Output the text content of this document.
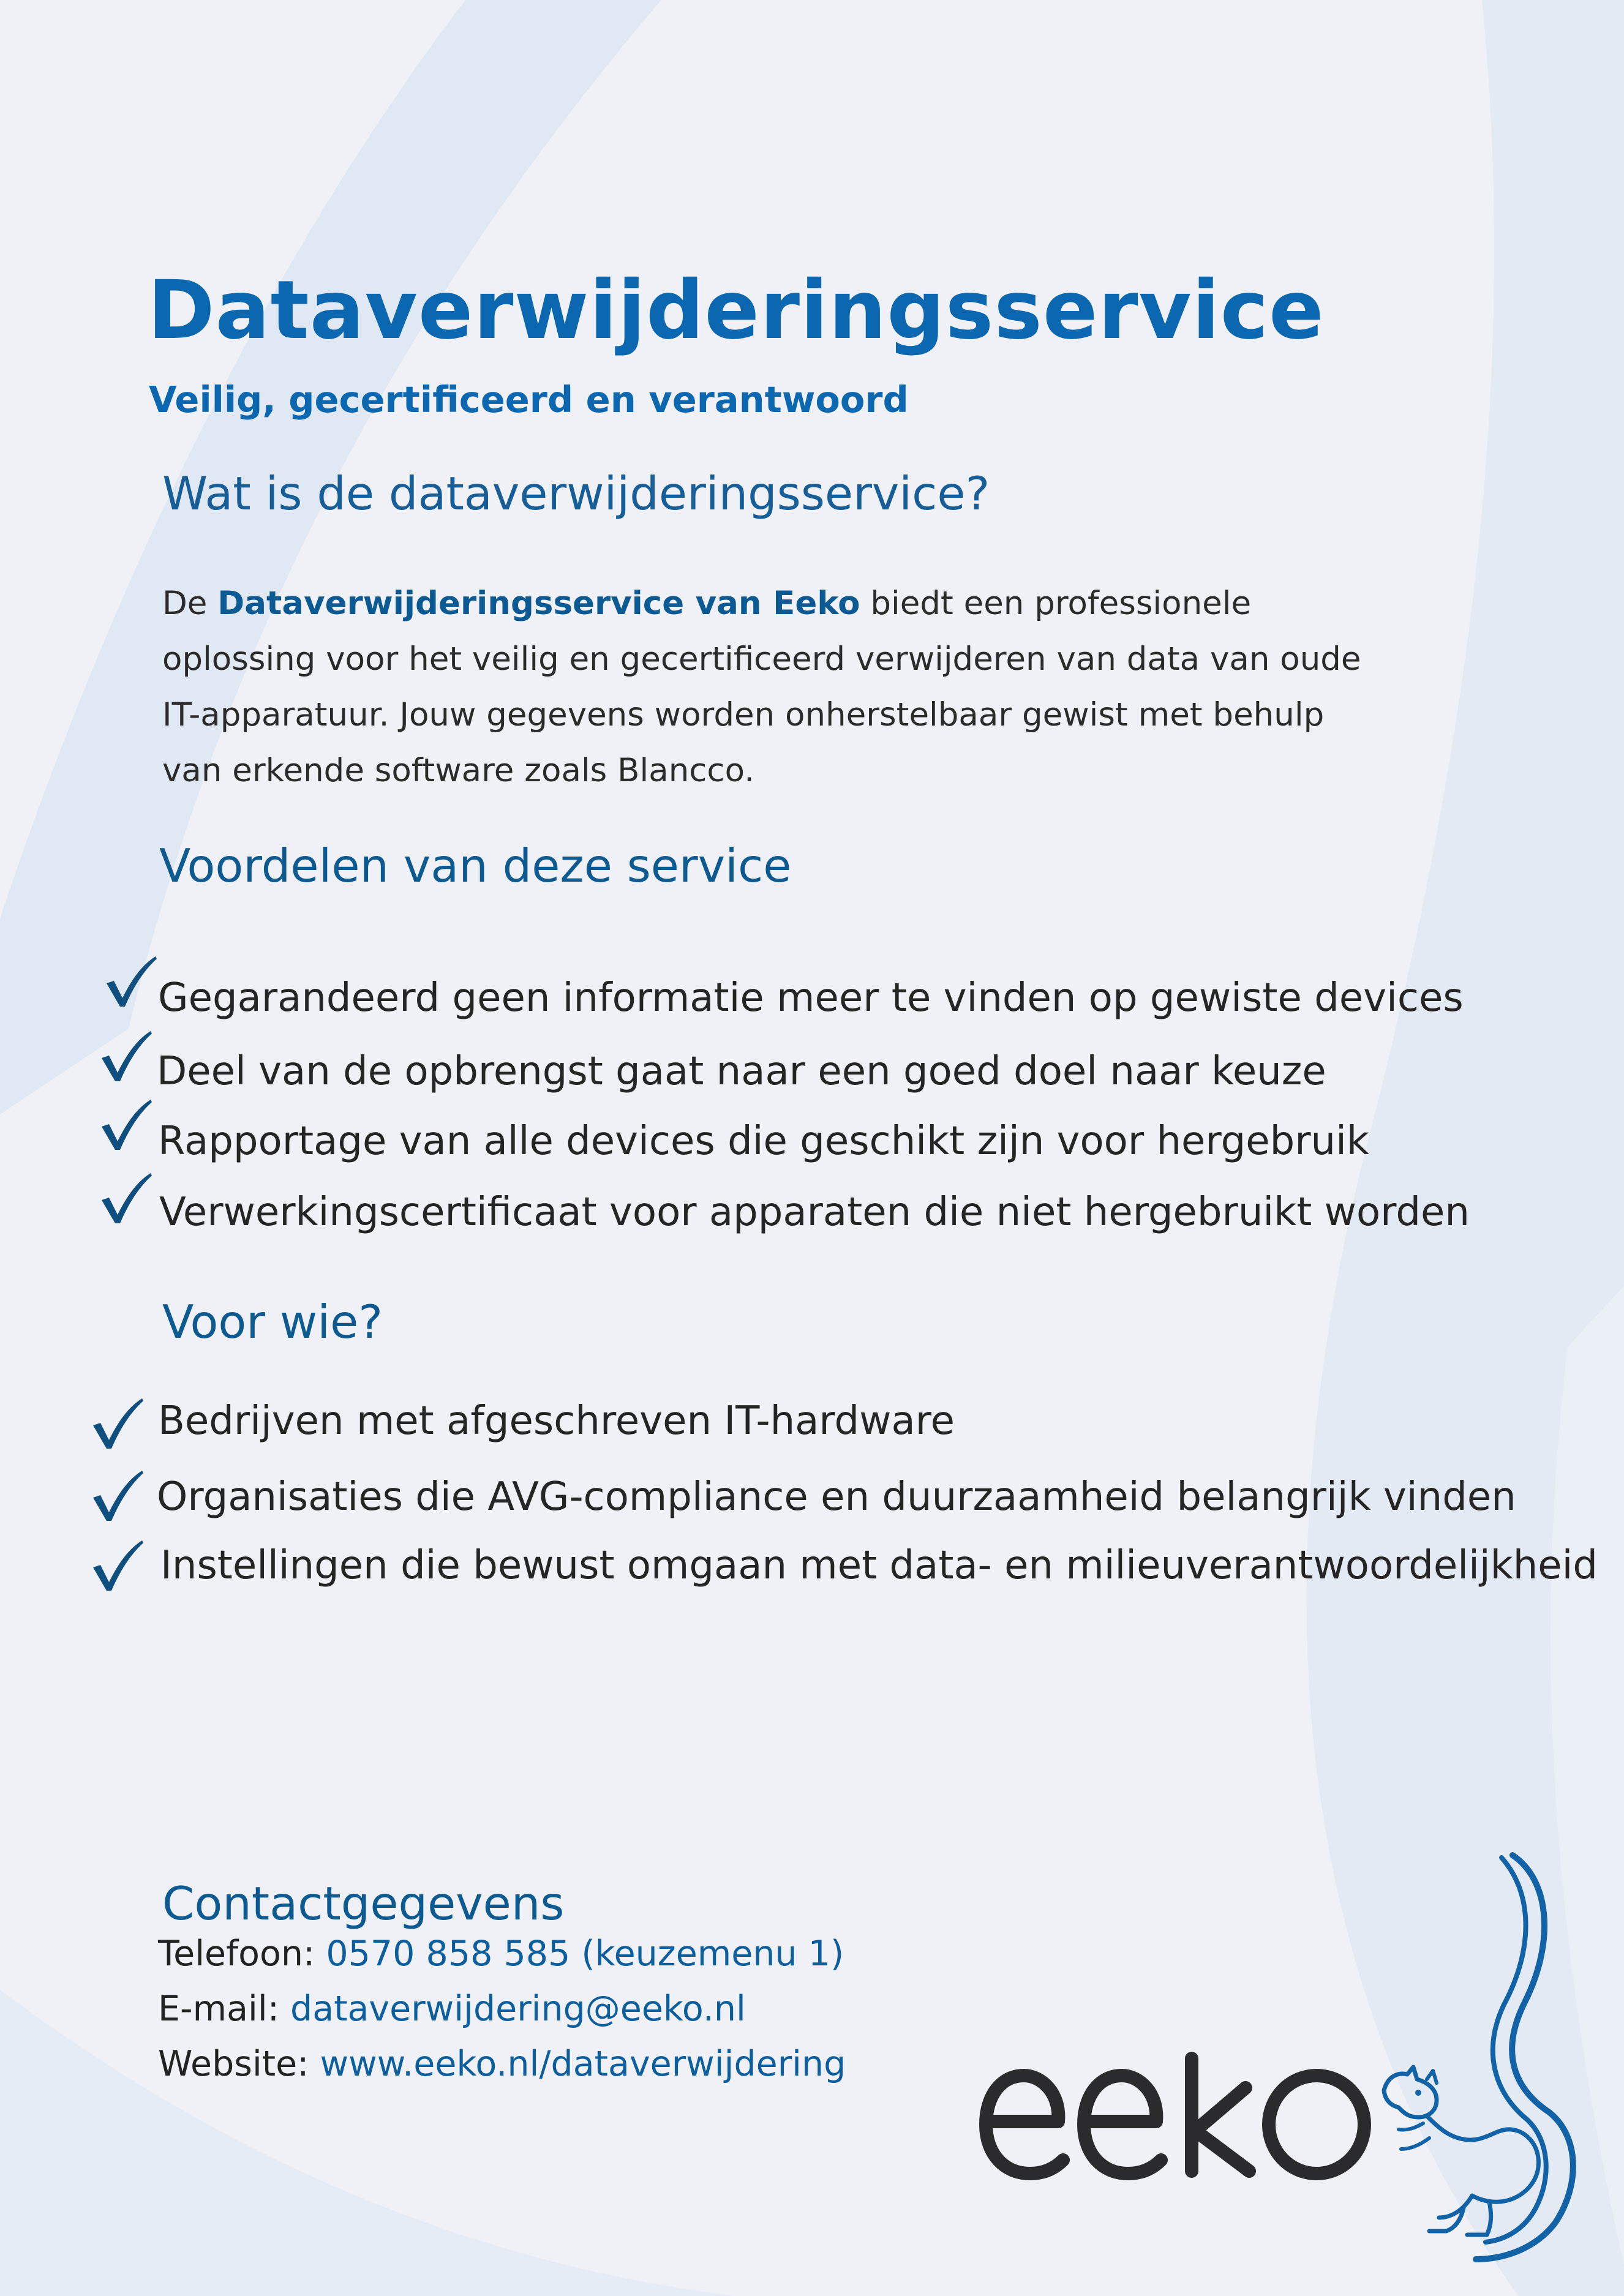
Dataverwijderingsservice

Veilig, gecertificeerd en verantwoord

Wat is de dataverwijderingsservice?

De Dataverwijderingsservice van Eeko biedt een professionele
oplossing voor het veilig en gecertificeerd verwijderen van data van oude
IT-apparatuur. Jouw gegevens worden onherstelbaar gewist met behulp
van erkende software zoals Blancco.

Voordelen van deze service
Gegarandeerd geen informatie meer te vinden op gewiste devices
Deel van de opbrengst gaat naar een goed doel naar keuze
Rapportage van alle devices die geschikt zijn voor hergebruik
Verwerkingscertificaat voor apparaten die niet hergebruikt worden
Voor wie?
Bedrijven met afgeschreven IT-hardware
Organisaties die AVG-compliance en duurzaamheid belangrijk vinden
Instellingen die bewust omgaan met data- en milieuverantwoordelijkheid
Contactgegevens
Telefoon: 0570 858 585 (keuzemenu 1)
E-mail: dataverwijdering@eeko.nl
Website: www.eeko.nl/dataverwijdering
